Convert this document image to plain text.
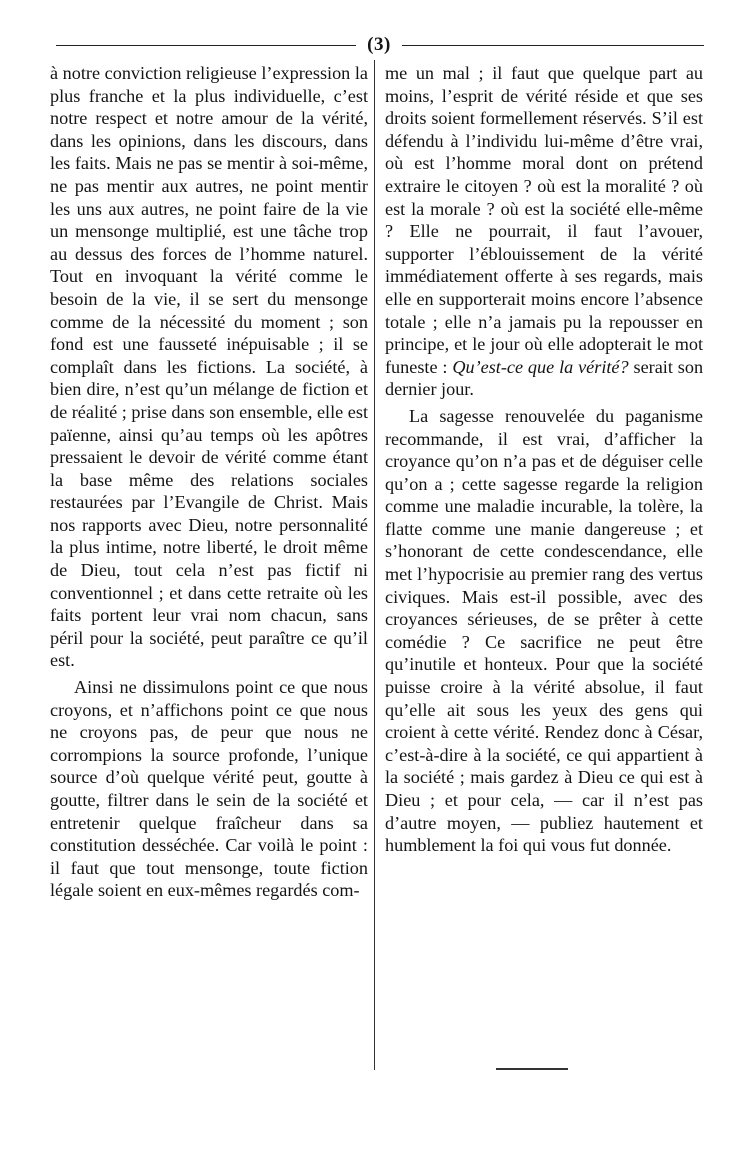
(3)

à notre conviction religieuse l’expression la plus franche et la plus individuelle, c’est notre respect et notre amour de la vérité, dans les opinions, dans les discours, dans les faits. Mais ne pas se mentir à soi-même, ne pas mentir aux autres, ne point mentir les uns aux autres, ne point faire de la vie un mensonge multiplié, est une tâche trop au dessus des forces de l’homme naturel. Tout en invoquant la vérité comme le besoin de la vie, il se sert du mensonge comme de la nécessité du moment ; son fond est une fausseté inépuisable ; il se complaît dans les fictions. La société, à bien dire, n’est qu’un mélange de fiction et de réalité ; prise dans son ensemble, elle est païenne, ainsi qu’au temps où les apôtres pressaient le devoir de vérité comme étant la base même des relations sociales restaurées par l’Evangile de Christ. Mais nos rapports avec Dieu, notre personnalité la plus intime, notre liberté, le droit même de Dieu, tout cela n’est pas fictif ni conventionnel ; et dans cette retraite où les faits portent leur vrai nom chacun, sans péril pour la société, peut paraître ce qu’il est.

Ainsi ne dissimulons point ce que nous croyons, et n’affichons point ce que nous ne croyons pas, de peur que nous ne corrompions la source profonde, l’unique source d’où quelque vérité peut, goutte à goutte, filtrer dans le sein de la société et entretenir quelque fraîcheur dans sa constitution desséchée. Car voilà le point : il faut que tout mensonge, toute fiction légale soient en eux-mêmes regardés com-

me un mal ; il faut que quelque part au moins, l’esprit de vérité réside et que ses droits soient formellement réservés. S’il est défendu à l’individu lui-même d’être vrai, où est l’homme moral dont on prétend extraire le citoyen ? où est la moralité ? où est la morale ? où est la société elle-même ? Elle ne pourrait, il faut l’avouer, supporter l’éblouissement de la vérité immédiatement offerte à ses regards, mais elle en supporterait moins encore l’absence totale ; elle n’a jamais pu la repousser en principe, et le jour où elle adopterait le mot funeste : Qu’est-ce que la vérité? serait son dernier jour.

La sagesse renouvelée du paganisme recommande, il est vrai, d’afficher la croyance qu’on n’a pas et de déguiser celle qu’on a ; cette sagesse regarde la religion comme une maladie incurable, la tolère, la flatte comme une manie dangereuse ; et s’honorant de cette condescendance, elle met l’hypocrisie au premier rang des vertus civiques. Mais est-il possible, avec des croyances sérieuses, de se prêter à cette comédie ? Ce sacrifice ne peut être qu’inutile et honteux. Pour que la société puisse croire à la vérité absolue, il faut qu’elle ait sous les yeux des gens qui croient à cette vérité. Rendez donc à César, c’est-à-dire à la société, ce qui appartient à la société ; mais gardez à Dieu ce qui est à Dieu ; et pour cela, — car il n’est pas d’autre moyen, — publiez hautement et humblement la foi qui vous fut donnée.
